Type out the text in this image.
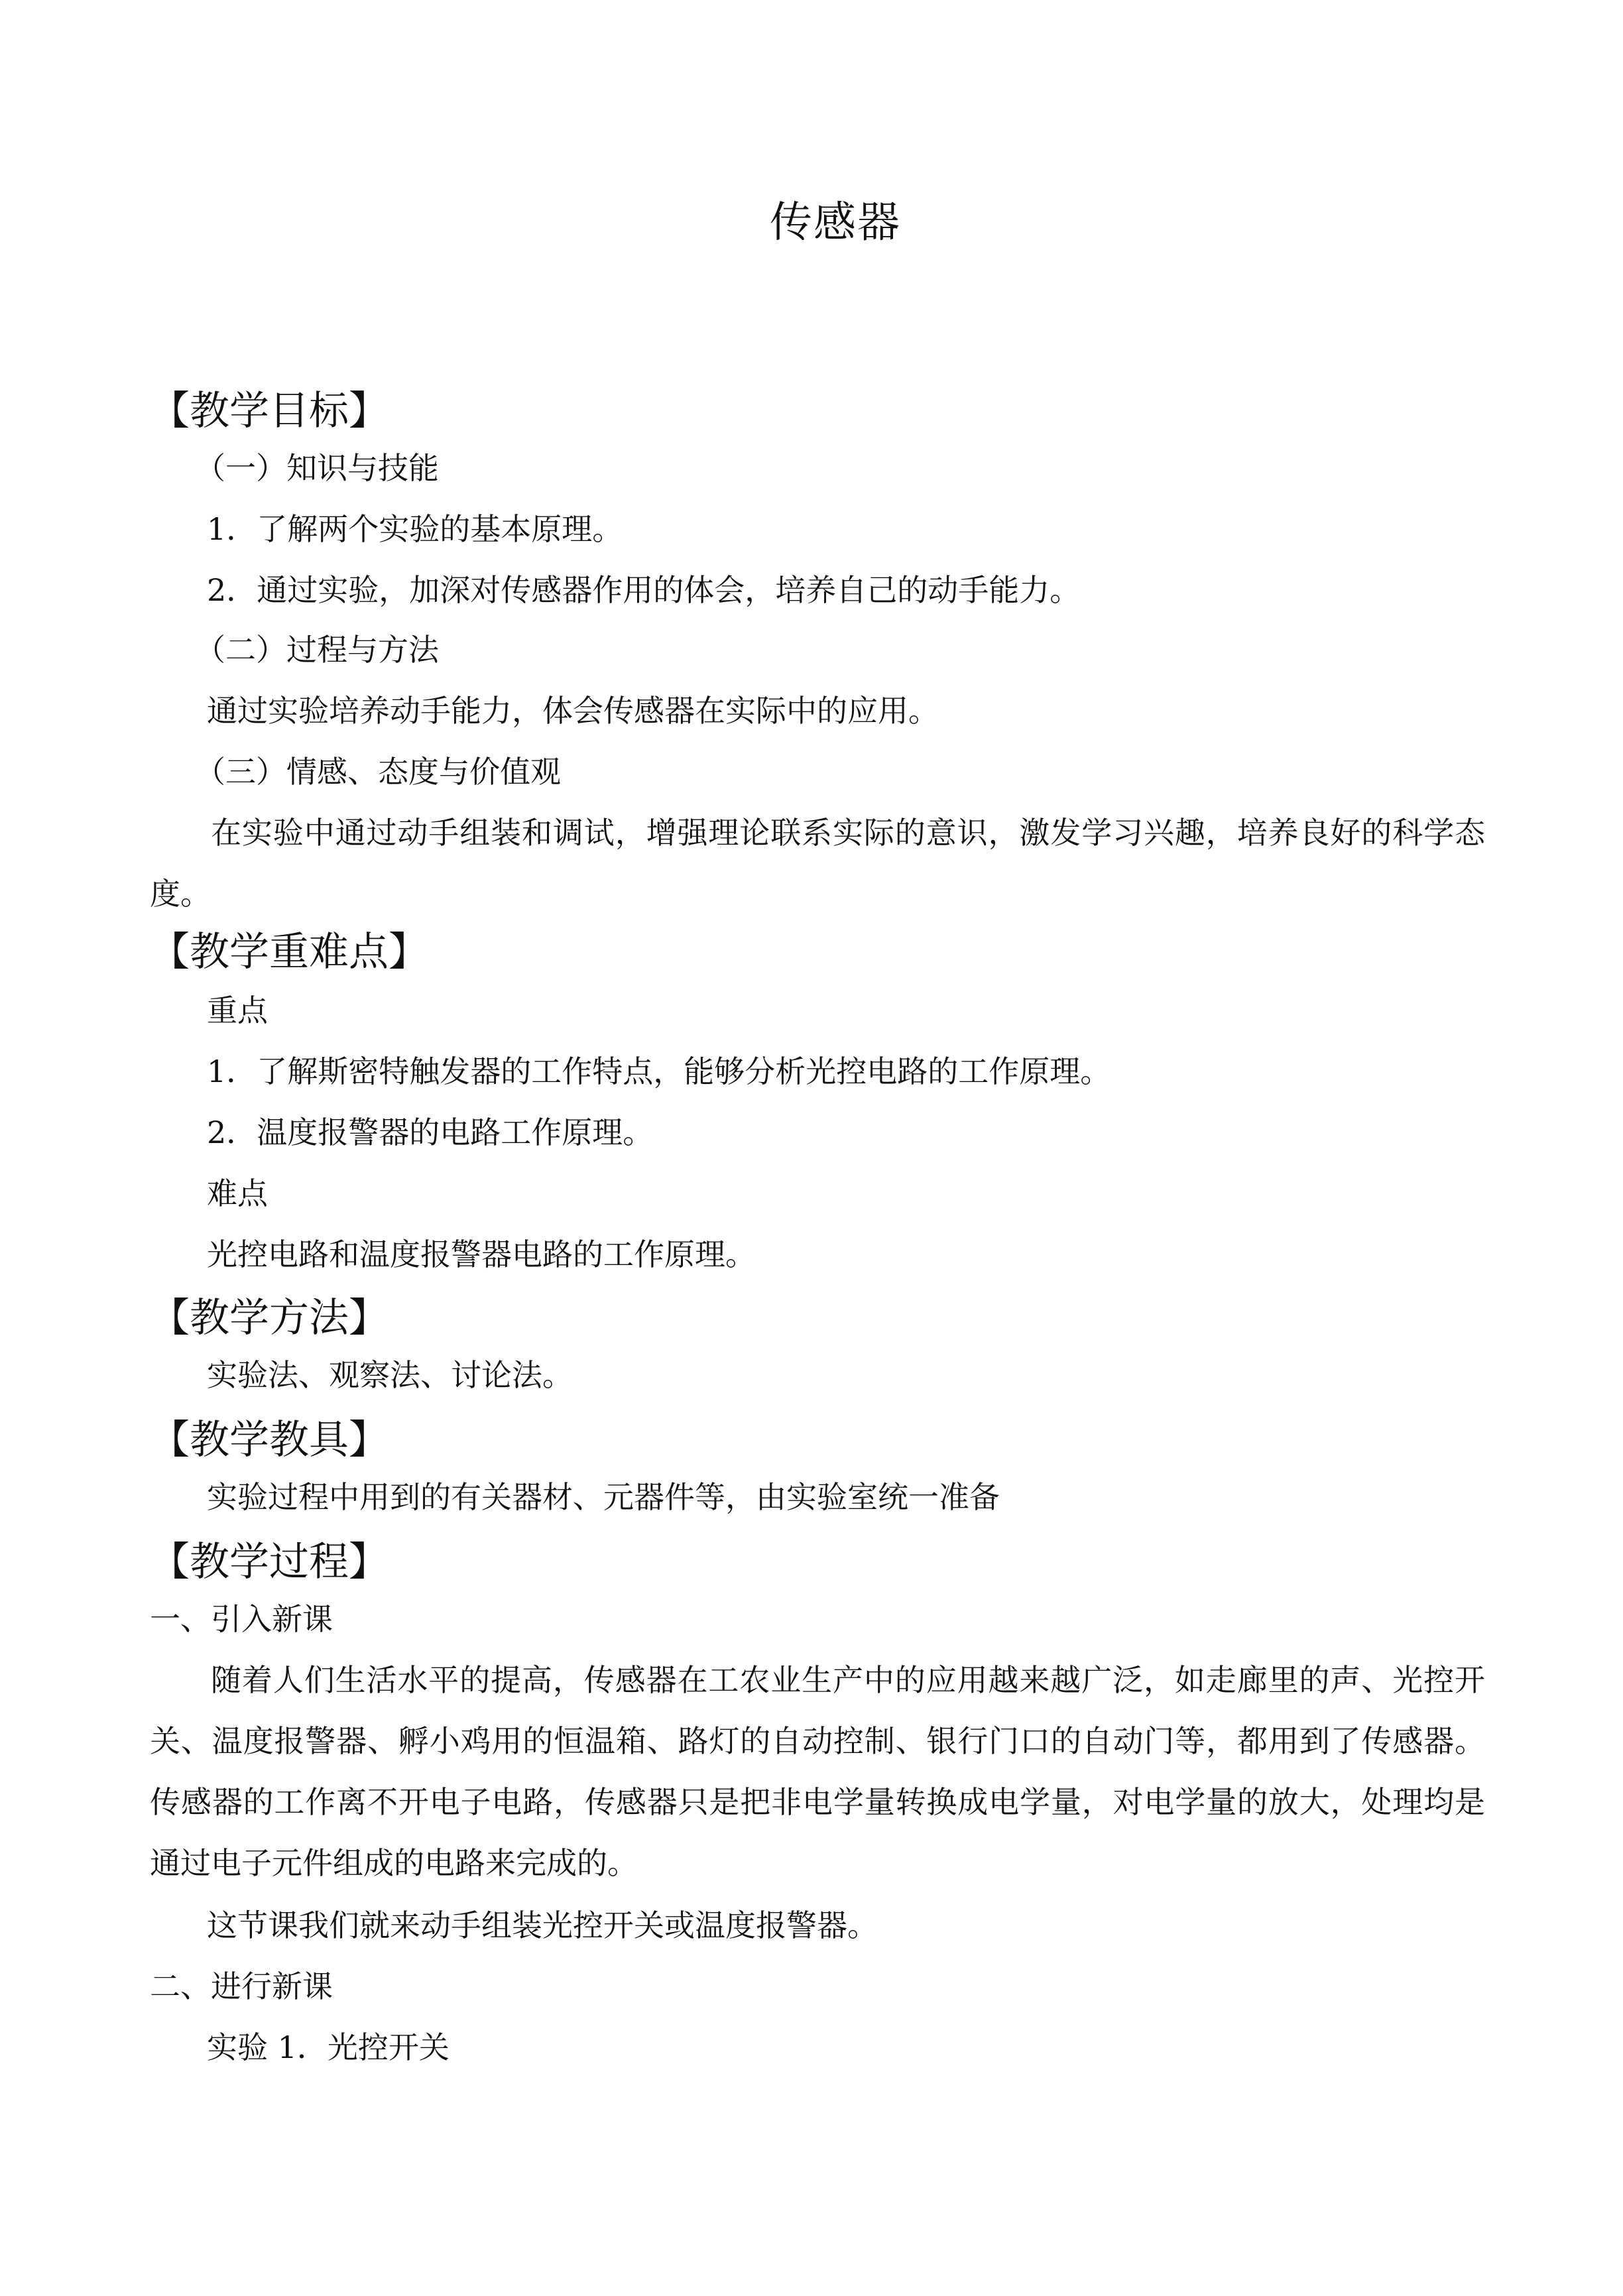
传感器
【教学目标】
（一）知识与技能
1．了解两个实验的基本原理。
2．通过实验，加深对传感器作用的体会，培养自己的动手能力。
（二）过程与方法
通过实验培养动手能力，体会传感器在实际中的应用。
（三）情感、态度与价值观
在实验中通过动手组装和调试，增强理论联系实际的意识，激发学习兴趣，培养良好的科学态度。
【教学重难点】
重点
1．了解斯密特触发器的工作特点，能够分析光控电路的工作原理。
2．温度报警器的电路工作原理。
难点
光控电路和温度报警器电路的工作原理。
【教学方法】
实验法、观察法、讨论法。
【教学教具】
实验过程中用到的有关器材、元器件等，由实验室统一准备
【教学过程】
一、引入新课
随着人们生活水平的提高，传感器在工农业生产中的应用越来越广泛，如走廊里的声、光控开关、温度报警器、孵小鸡用的恒温箱、路灯的自动控制、银行门口的自动门等，都用到了传感器。传感器的工作离不开电子电路，传感器只是把非电学量转换成电学量，对电学量的放大，处理均是通过电子元件组成的电路来完成的。
这节课我们就来动手组装光控开关或温度报警器。
二、进行新课
实验 1．光控开关
